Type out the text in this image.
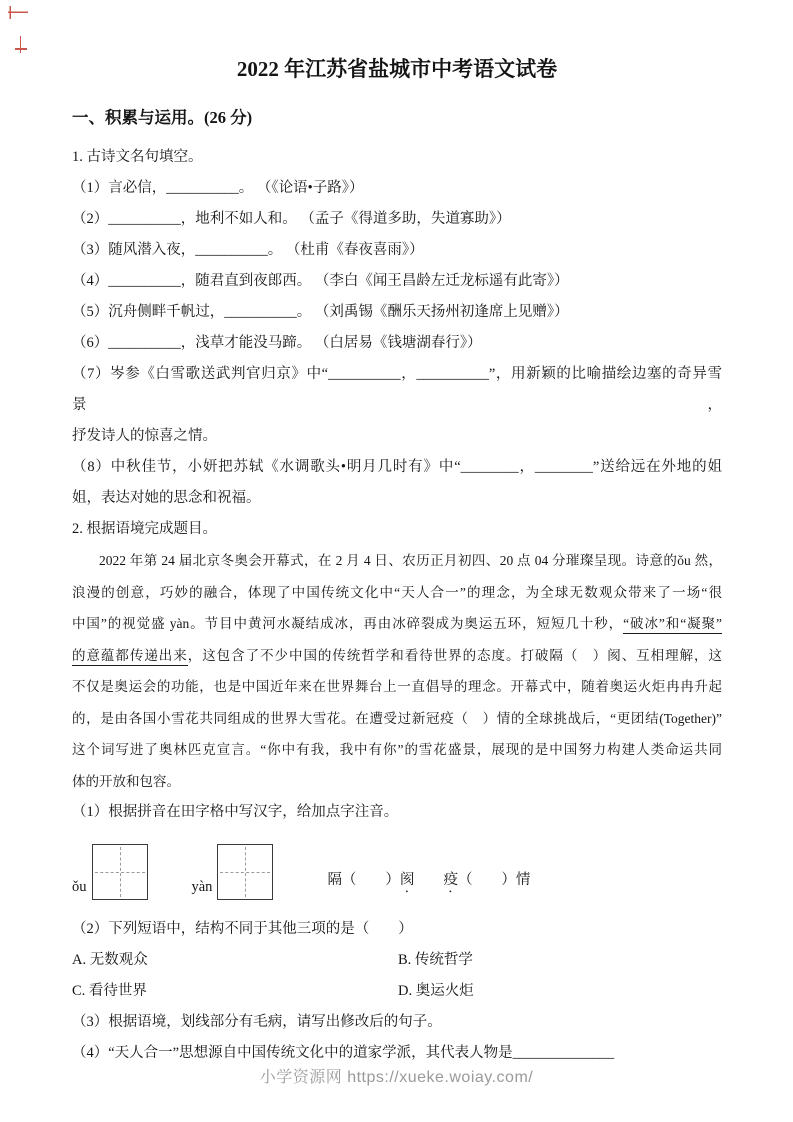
2022 年江苏省盐城市中考语文试卷
一、积累与运用。(26 分)
1. 古诗文名句填空。
（1）言必信，__________。 （《论语•子路》）
（2）__________，地利不如人和。 （孟子《得道多助，失道寡助》）
（3）随风潜入夜，__________。 （杜甫《春夜喜雨》）
（4）__________，随君直到夜郎西。 （李白《闻王昌龄左迁龙标遥有此寄》）
（5）沉舟侧畔千帆过，__________。 （刘禹锡《酬乐天扬州初逢席上见赠》）
（6）__________，浅草才能没马蹄。 （白居易《钱塘湖春行》）
（7）岑参《白雪歌送武判官归京》中“__________，__________”，用新颖的比喻描绘边塞的奇异雪景，
抒发诗人的惊喜之情。
（8）中秋佳节，小妍把苏轼《水调歌头•明月几时有》中“________，________”送给远在外地的姐
姐，表达对她的思念和祝福。
2. 根据语境完成题目。
2022 年第 24 届北京冬奥会开幕式，在 2 月 4 日、农历正月初四、20 点 04 分璀璨呈现。诗意的ǒu 然，
浪漫的创意，巧妙的融合，体现了中国传统文化中“天人合一”的理念，为全球无数观众带来了一场“很
中国”的视觉盛 yàn。节目中黄河水凝结成冰，再由冰碎裂成为奥运五环，短短几十秒，“破冰”和“凝聚”
的意蕴都传递出来，这包含了不少中国的传统哲学和看待世界的态度。打破隔（　）阂、互相理解，这
不仅是奥运会的功能，也是中国近年来在世界舞台上一直倡导的理念。开幕式中，随着奥运火炬冉冉升起
的，是由各国小雪花共同组成的世界大雪花。在遭受过新冠疫（　）情的全球挑战后，“更团结(Together)”
这个词写进了奥林匹克宣言。“你中有我，我中有你”的雪花盛景，展现的是中国努力构建人类命运共同
体的开放和包容。
（1）根据拼音在田字格中写汉字，给加点字注音。
ǒu	yàn	隔（　　）阂　　 疫（　　）情
（2）下列短语中，结构不同于其他三项的是（　　）
A. 无数观众	B. 传统哲学
C. 看待世界	D. 奥运火炬
（3）根据语境，划线部分有毛病，请写出修改后的句子。
（4）“天人合一”思想源自中国传统文化中的道家学派，其代表人物是______________
小学资源网 https://xueke.woiay.com/
